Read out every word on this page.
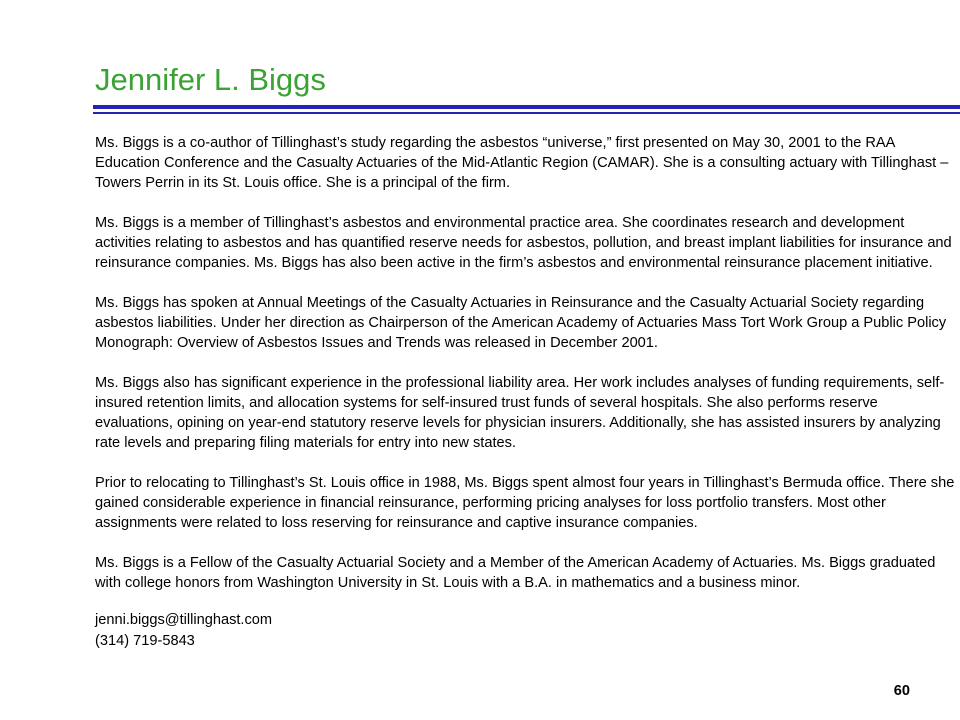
Jennifer L. Biggs

Ms. Biggs is a co-author of Tillinghast’s study regarding the asbestos “universe,” first presented on May 30, 2001 to the RAA Education Conference and the Casualty Actuaries of the Mid-Atlantic Region (CAMAR). She is a consulting actuary with Tillinghast – Towers Perrin in its St. Louis office. She is a principal of the firm.

Ms. Biggs is a member of Tillinghast’s asbestos and environmental practice area. She coordinates research and development activities relating to asbestos and has quantified reserve needs for asbestos, pollution, and breast implant liabilities for insurance and reinsurance companies. Ms. Biggs has also been active in the firm’s asbestos and environmental reinsurance placement initiative.

Ms. Biggs has spoken at Annual Meetings of the Casualty Actuaries in Reinsurance and the Casualty Actuarial Society regarding asbestos liabilities. Under her direction as Chairperson of the American Academy of Actuaries Mass Tort Work Group a Public Policy Monograph: Overview of Asbestos Issues and Trends was released in December 2001.

Ms. Biggs also has significant experience in the professional liability area. Her work includes analyses of funding requirements, self-insured retention limits, and allocation systems for self-insured trust funds of several hospitals. She also performs reserve evaluations, opining on year-end statutory reserve levels for physician insurers. Additionally, she has assisted insurers by analyzing rate levels and preparing filing materials for entry into new states.

Prior to relocating to Tillinghast’s St. Louis office in 1988, Ms. Biggs spent almost four years in Tillinghast’s Bermuda office. There she gained considerable experience in financial reinsurance, performing pricing analyses for loss portfolio transfers. Most other assignments were related to loss reserving for reinsurance and captive insurance companies.

Ms. Biggs is a Fellow of the Casualty Actuarial Society and a Member of the American Academy of Actuaries. Ms. Biggs graduated with college honors from Washington University in St. Louis with a B.A. in mathematics and a business minor.

jenni.biggs@tillinghast.com
(314) 719-5843
60
